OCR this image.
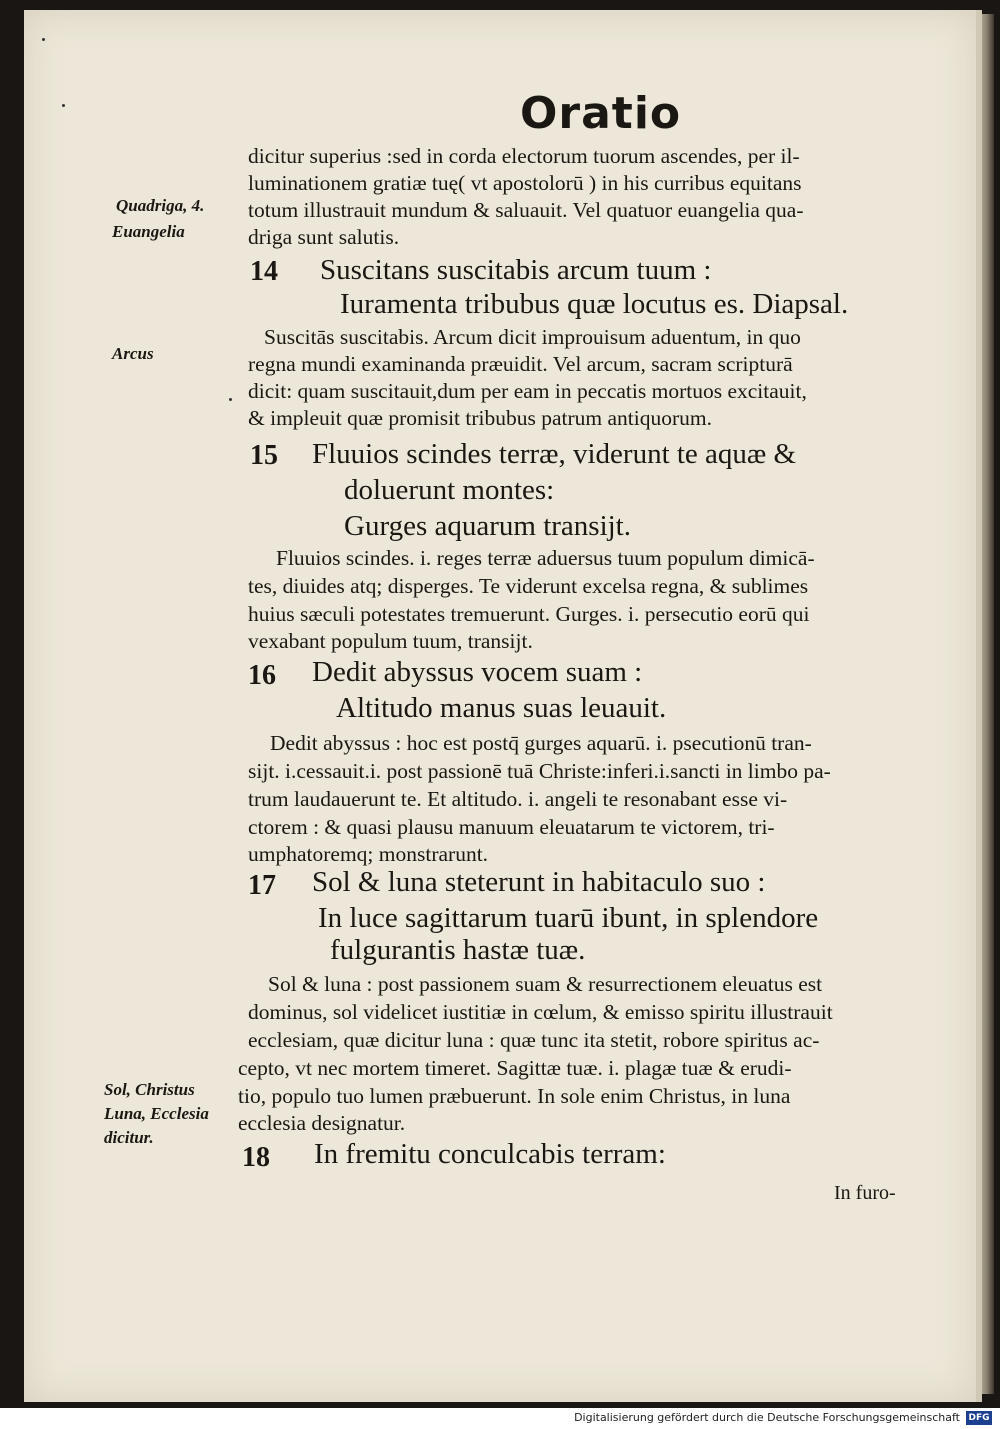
Oratio
Quadriga, 4.
Euangelia
Arcus
Sol, Christus
Luna, Ecclesia
dicitur.
dicitur superius :sed in corda electorum tuorum ascendes, per il-
luminationem gratiæ tuę( vt apostolorū ) in his curribus equitans
totum illustrauit mundum & saluauit. Vel quatuor euangelia qua-
driga sunt salutis.
14 Suscitans suscitabis arcum tuum :
Iuramenta tribubus quæ locutus es. Diapsal.
Suscitās suscitabis. Arcum dicit improuisum aduentum, in quo
regna mundi examinanda præuidit. Vel arcum, sacram scripturā
dicit: quam suscitauit,dum per eam in peccatis mortuos excitauit,
& impleuit quæ promisit tribubus patrum antiquorum.
15 Fluuios scindes terræ, viderunt te aquæ &
doluerunt montes:
Gurges aquarum transijt.
Fluuios scindes. i. reges terræ aduersus tuum populum dimicā-
tes, diuides atq; disperges. Te viderunt excelsa regna, & sublimes
huius sæculi potestates tremuerunt. Gurges. i. persecutio eorū qui
vexabant populum tuum, transijt.
16 Dedit abyssus vocem suam :
Altitudo manus suas leuauit.
Dedit abyssus : hoc est postq̄ gurges aquarū. i. psecutionū tran-
sijt. i.cessauit.i. post passionē tuā Christe:inferi.i.sancti in limbo pa-
trum laudauerunt te. Et altitudo. i. angeli te resonabant esse vi-
ctorem : & quasi plausu manuum eleuatarum te victorem, tri-
umphatoremq; monstrarunt.
17 Sol & luna steterunt in habitaculo suo :
In luce sagittarum tuarū ibunt, in splendore
fulgurantis hastæ tuæ.
Sol & luna : post passionem suam & resurrectionem eleuatus est
dominus, sol videlicet iustitiæ in cœlum, & emisso spiritu illustrauit
ecclesiam, quæ dicitur luna : quæ tunc ita stetit, robore spiritus ac-
cepto, vt nec mortem timeret. Sagittæ tuæ. i. plagæ tuæ & erudi-
tio, populo tuo lumen præbuerunt. In sole enim Christus, in luna
ecclesia designatur.
18 In fremitu conculcabis terram:
In furo-
Digitalisierung gefördert durch die Deutsche Forschungsgemeinschaft DFG
